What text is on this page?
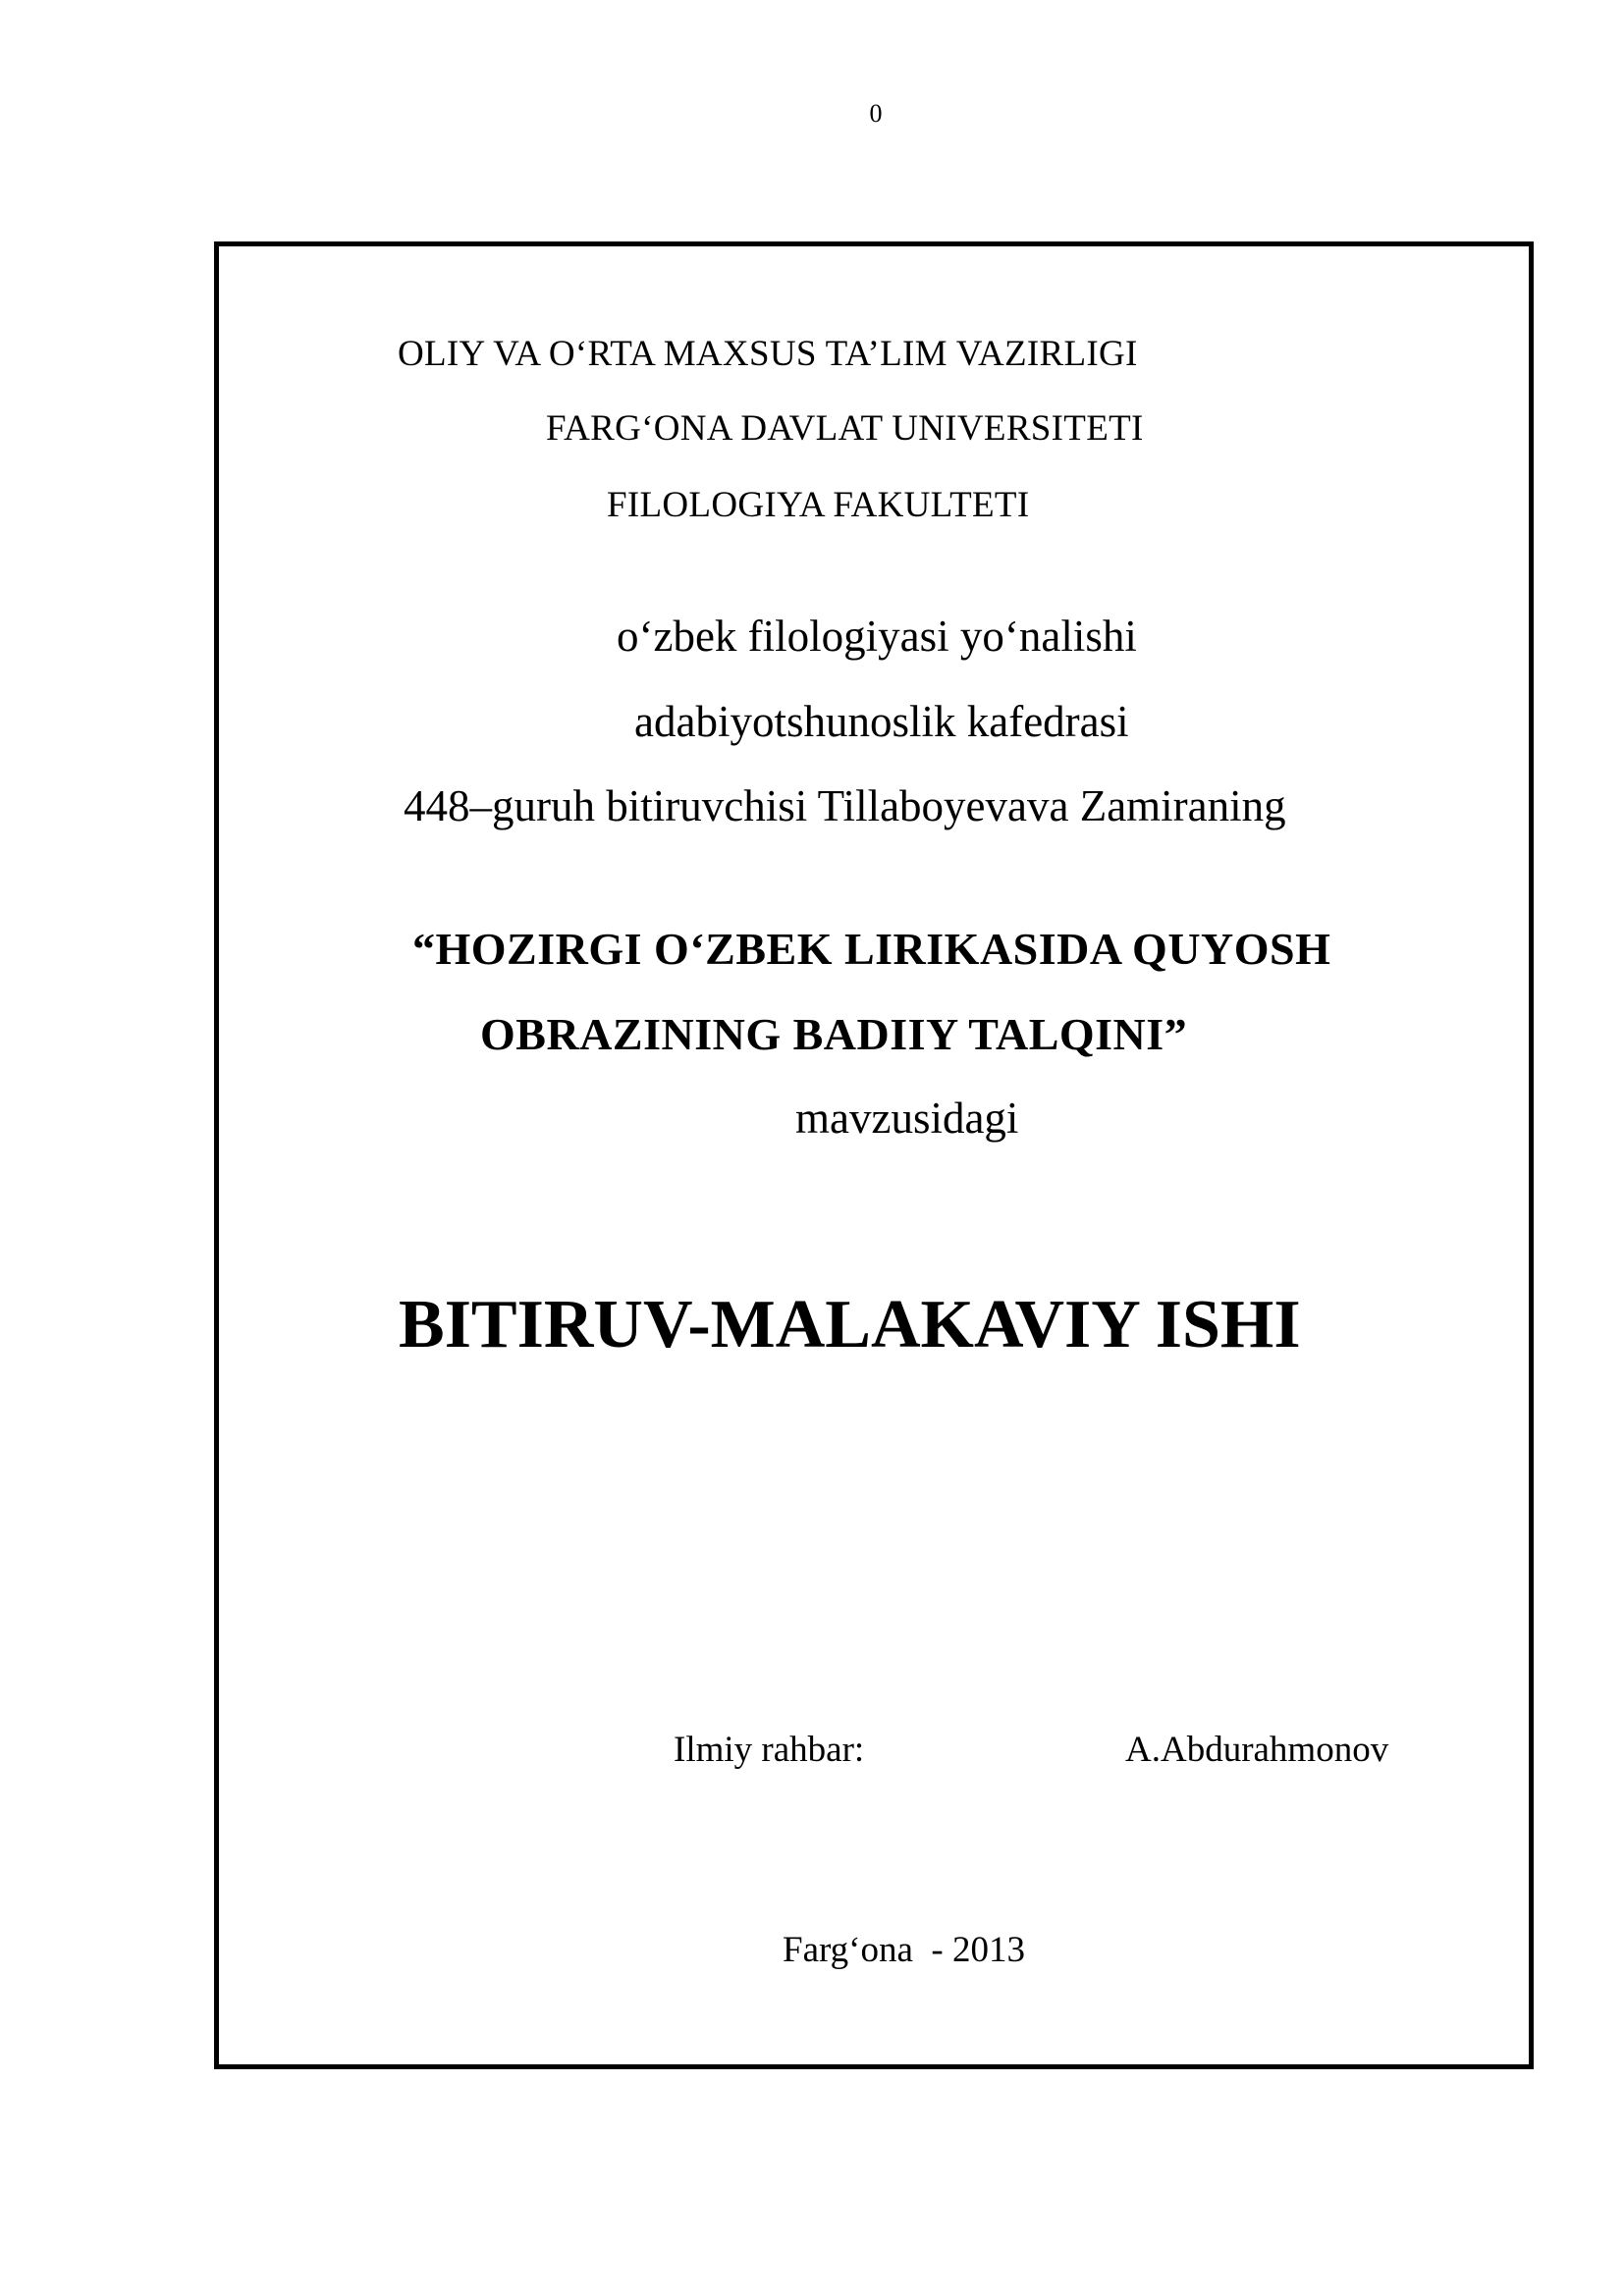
0
OLIY VA O‘RTA MAXSUS TA’LIM VAZIRLIGI
FARG‘ONA DAVLAT UNIVERSITETI
FILOLOGIYA FAKULTETI
o‘zbek filologiyasi yo‘nalishi
adabiyotshunoslik kafedrasi
448–guruh bitiruvchisi Tillaboyevava Zamiraning
“HOZIRGI O‘ZBEK LIRIKASIDA QUYOSH
OBRAZINING BADIIY TALQINI”
mavzusidagi
BITIRUV-MALAKAVIY ISHI
Ilmiy rahbar:	A.Abdurahmonov
Farg‘ona  - 2013
